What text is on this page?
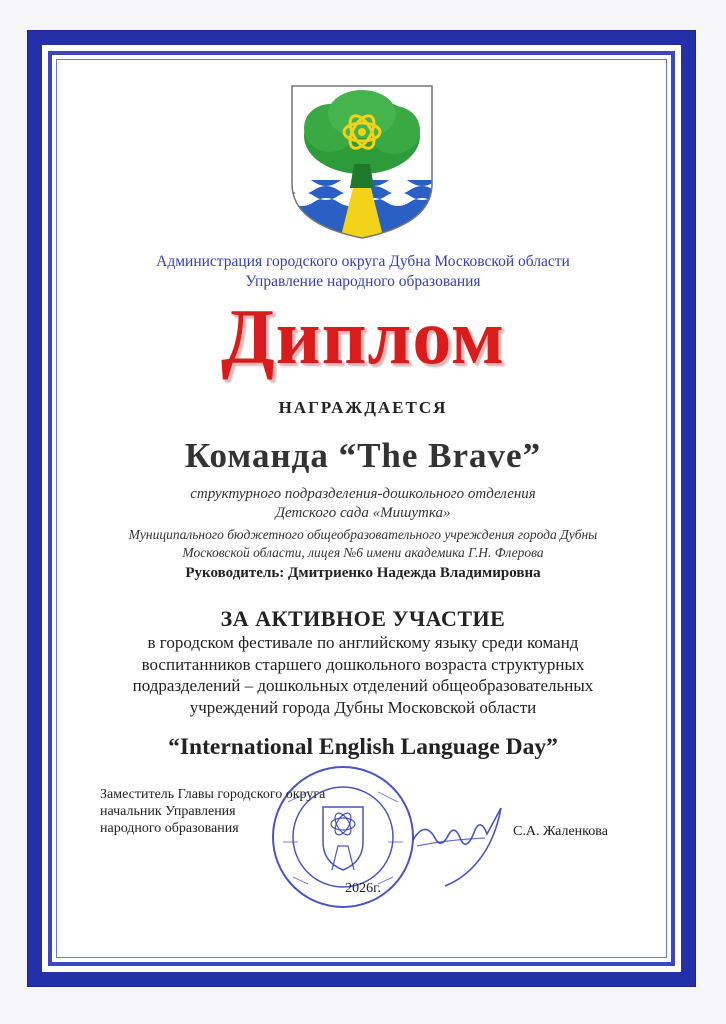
Администрация городского округа Дубна Московской области
Управление народного образования
Диплом
НАГРАЖДАЕТСЯ
Команда “The Brave”
структурного подразделения-дошкольного отделения
Детского сада «Мишутка»
Муниципального бюджетного общеобразовательного учреждения города Дубны
Московской области, лицея №6 имени академика Г.Н. Флерова
Руководитель: Дмитриенко Надежда Владимировна
ЗА АКТИВНОЕ УЧАСТИЕ
в городском фестивале по английскому языку среди команд
воспитанников старшего дошкольного возраста структурных
подразделений – дошкольных отделений общеобразовательных
учреждений города Дубны Московской области
“International English Language Day”
Заместитель Главы городского округа
начальник Управления
народного образования	С.А. Жаленкова
2026г.
